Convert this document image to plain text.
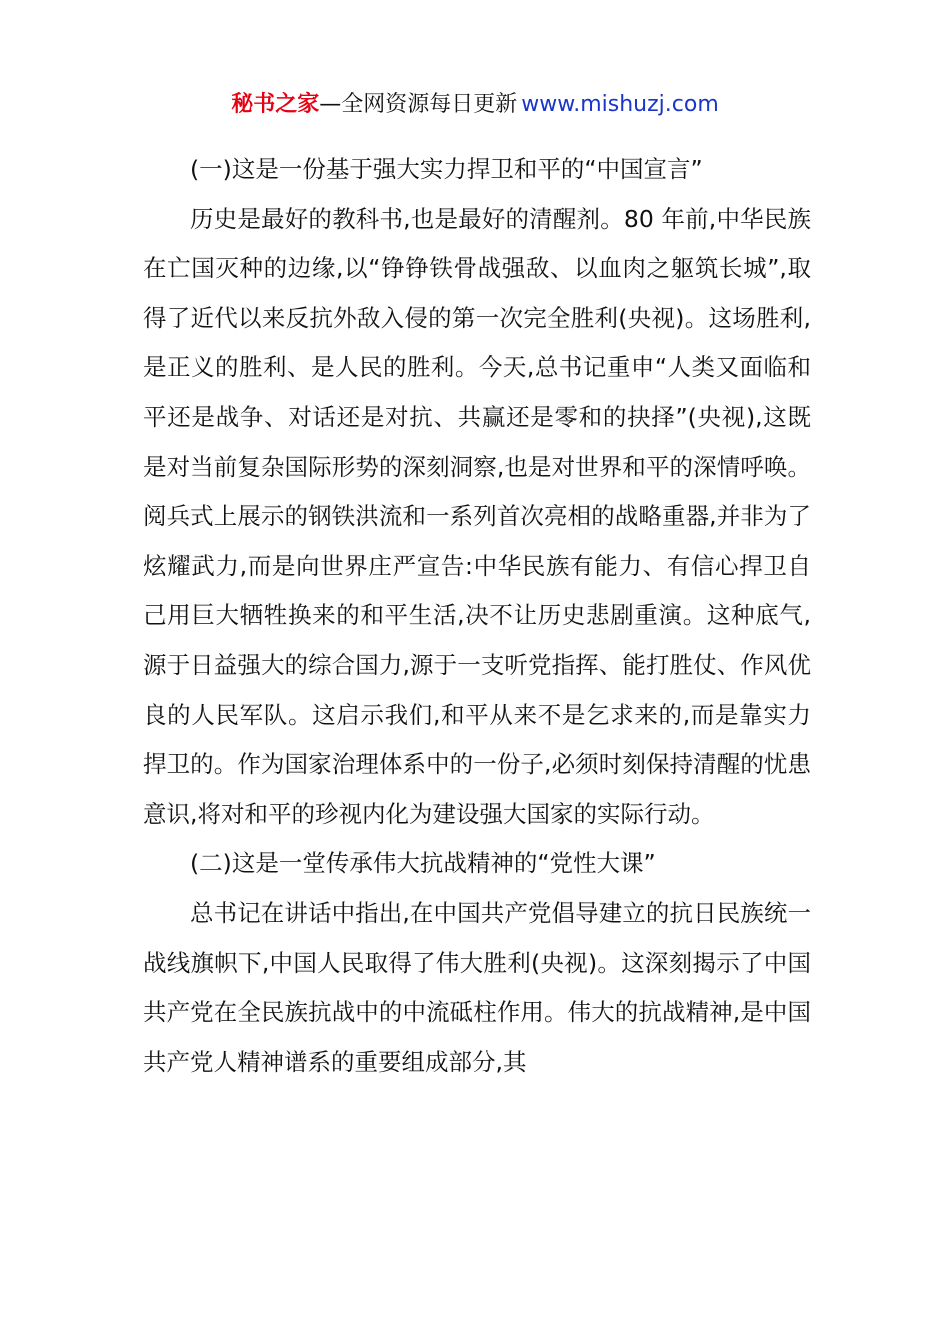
秘书之家—全网资源每日更新 www.mishuzj.com

(一)这是一份基于强大实力捍卫和平的“中国宣言”

历史是最好的教科书,也是最好的清醒剂。80 年前,中华民族在亡国灭种的边缘,以“铮铮铁骨战强敌、以血肉之躯筑长城”,取得了近代以来反抗外敌入侵的第一次完全胜利(央视)。这场胜利,是正义的胜利、是人民的胜利。今天,总书记重申“人类又面临和平还是战争、对话还是对抗、共赢还是零和的抉择”(央视),这既是对当前复杂国际形势的深刻洞察,也是对世界和平的深情呼唤。阅兵式上展示的钢铁洪流和一系列首次亮相的战略重器,并非为了炫耀武力,而是向世界庄严宣告:中华民族有能力、有信心捍卫自己用巨大牺牲换来的和平生活,决不让历史悲剧重演。这种底气,源于日益强大的综合国力,源于一支听党指挥、能打胜仗、作风优良的人民军队。这启示我们,和平从来不是乞求来的,而是靠实力捍卫的。作为国家治理体系中的一份子,必须时刻保持清醒的忧患意识,将对和平的珍视内化为建设强大国家的实际行动。

(二)这是一堂传承伟大抗战精神的“党性大课”

总书记在讲话中指出,在中国共产党倡导建立的抗日民族统一战线旗帜下,中国人民取得了伟大胜利(央视)。这深刻揭示了中国共产党在全民族抗战中的中流砥柱作用。伟大的抗战精神,是中国共产党人精神谱系的重要组成部分,其
